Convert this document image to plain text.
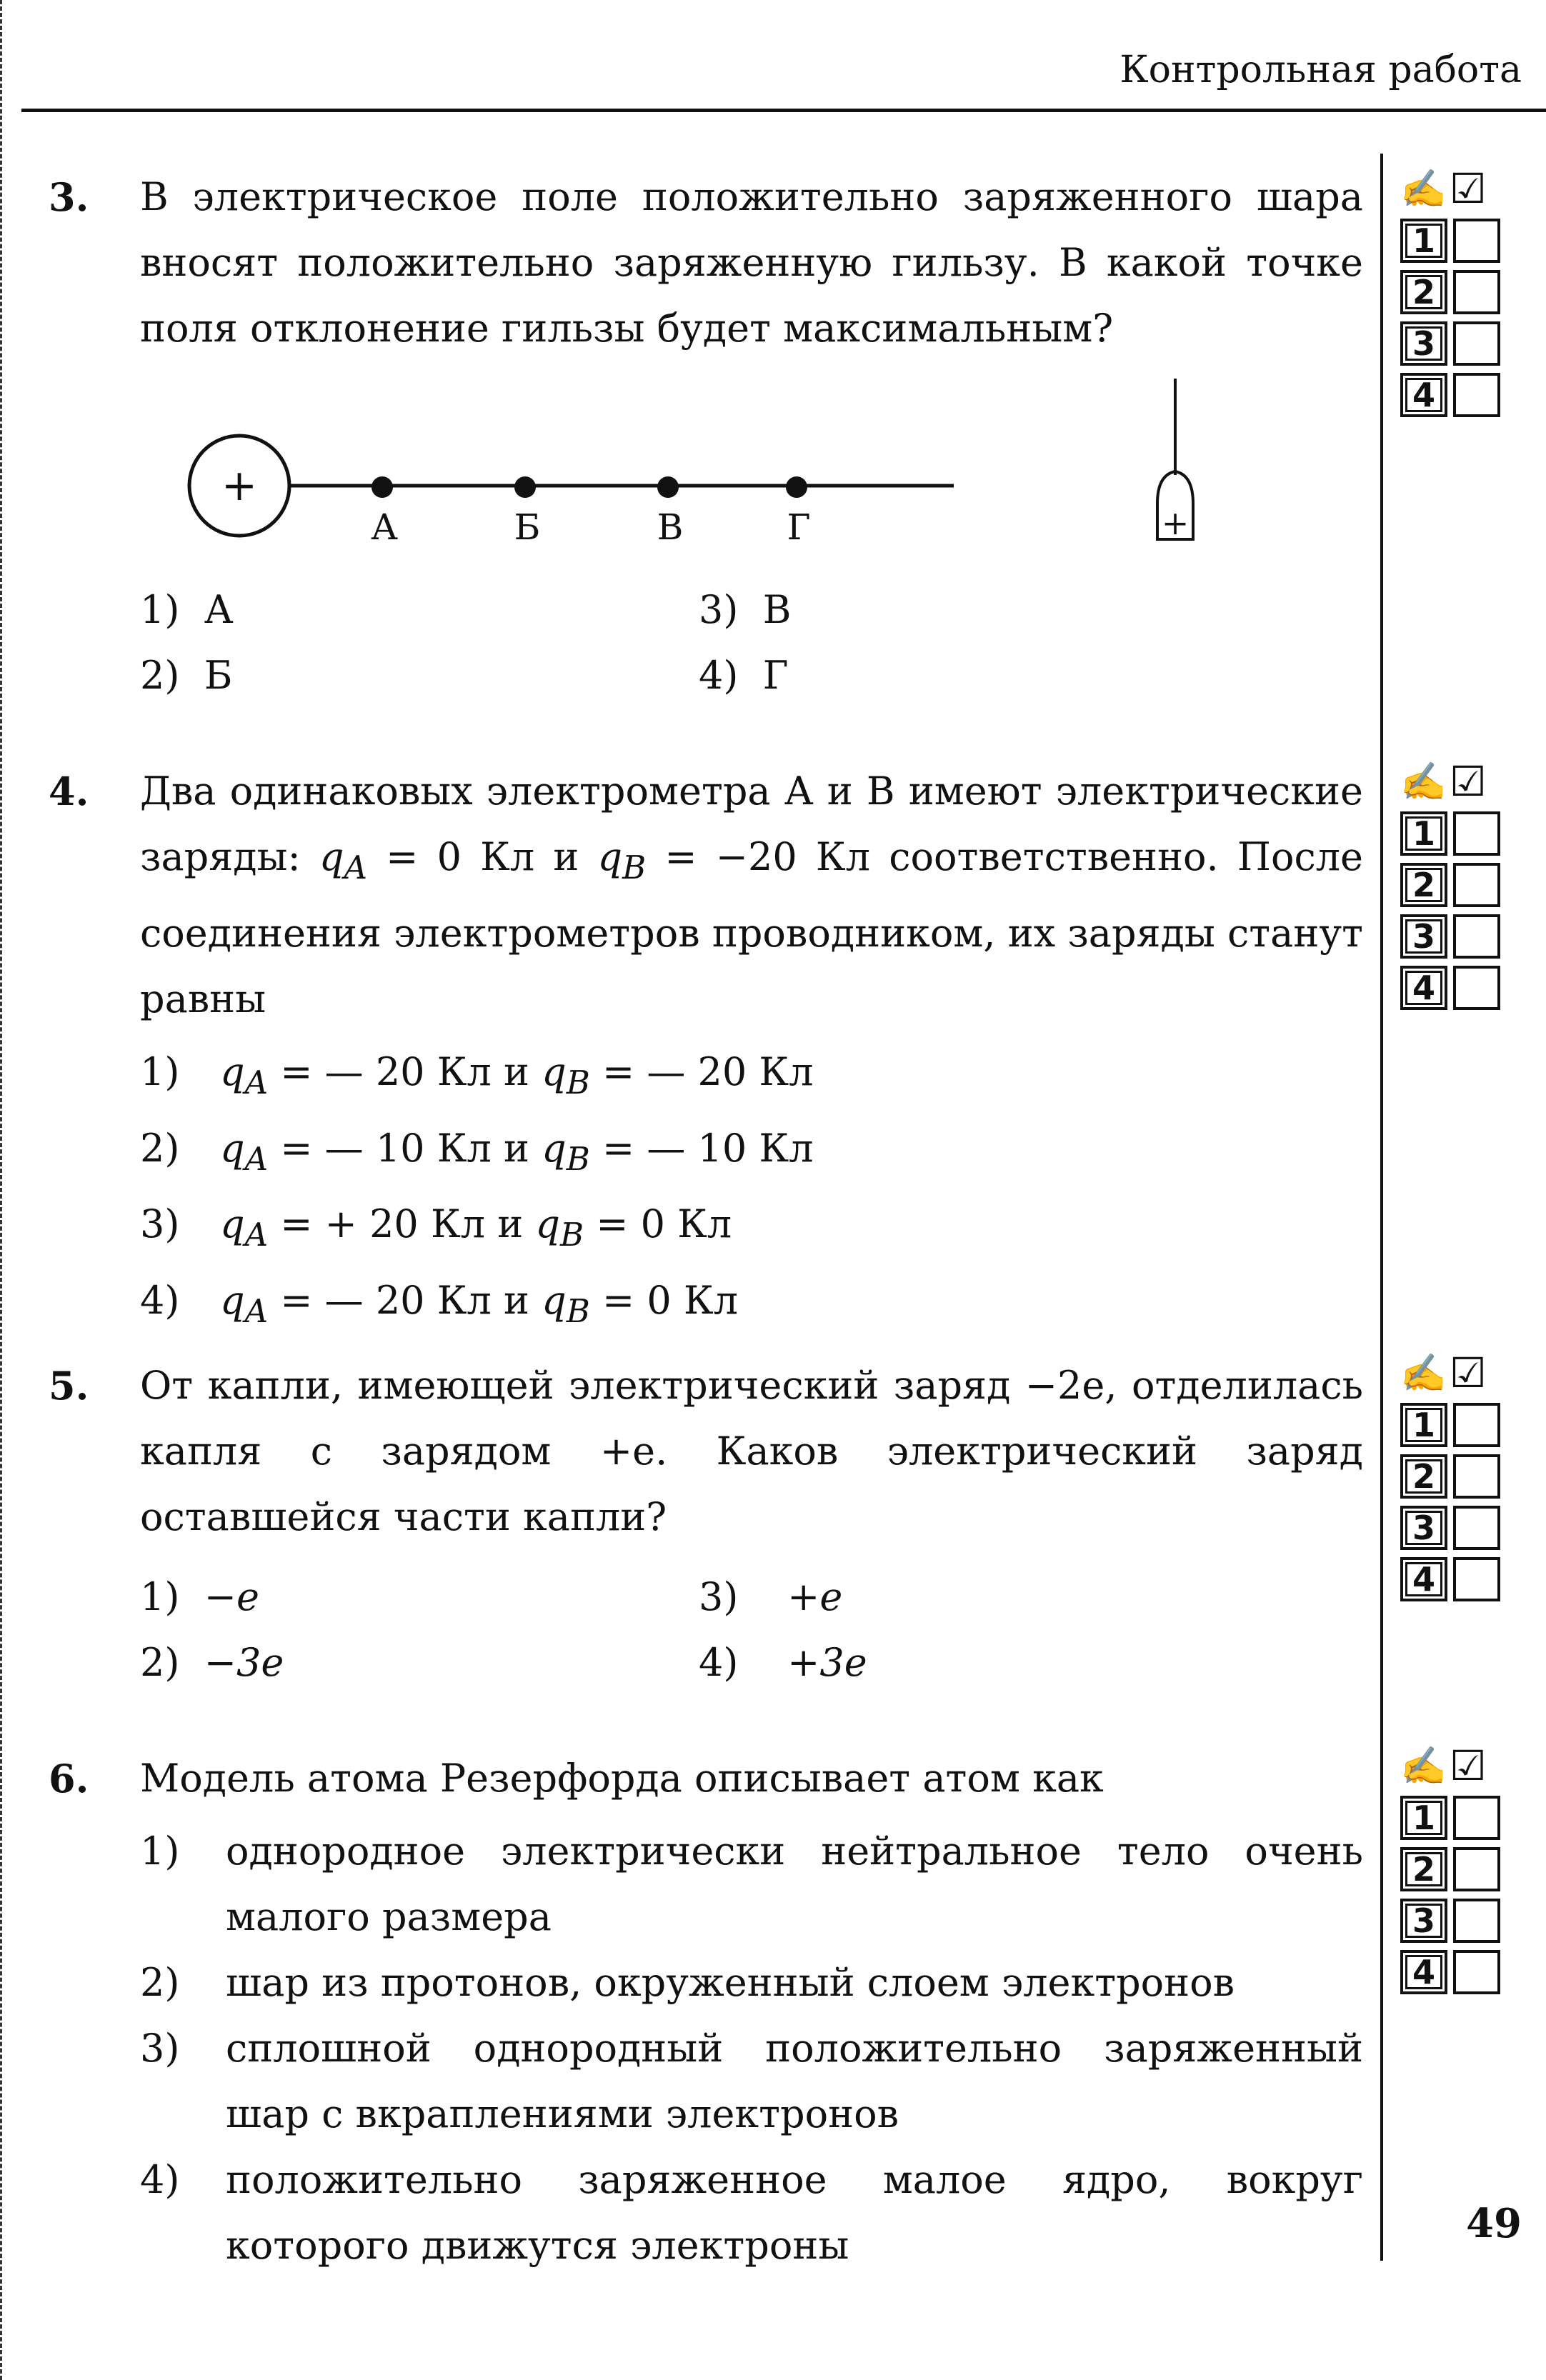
Контрольная работа
3. В электрическое поле положительно заряженного шара вносят положительно заряженную гильзу. В какой точке поля отклонение гильзы будет максимальным?
+
А	Б	В	Г	+
1) А
2) Б
3) В
4) Г
4. Два одинаковых электрометра А и В имеют электрические заряды: $q_A = 0$ Кл и $q_B = -20$ Кл соответственно. После соединения электрометров проводником, их заряды станут равны
1) $q_A$ = — 20 Кл и $q_B$ = — 20 Кл
2) $q_A$ = — 10 Кл и $q_B$ = — 10 Кл
3) $q_A$ = + 20 Кл и $q_B = 0$ Кл
4) $q_A$ = — 20 Кл и $q_B = 0$ Кл
5. От капли, имеющей электрический заряд −2e, отделилась капля с зарядом +е. Каков электрический заряд оставшейся части капли?
1) −e
2) −3e
3) +e
4) +3e
6. Модель атома Резерфорда описывает атом как
1) однородное электрически нейтральное тело очень малого размера
2) шар из протонов, окруженный слоем электронов
3) сплошной однородный положительно заряженный шар с вкраплениями электронов
4) положительно заряженное малое ядро, вокруг которого движутся электроны
✍ ☑
1
2
3
4
✍ ☑
1
2
3
4
✍ ☑
1
2
3
4
✍ ☑
1
2
3
4
49
